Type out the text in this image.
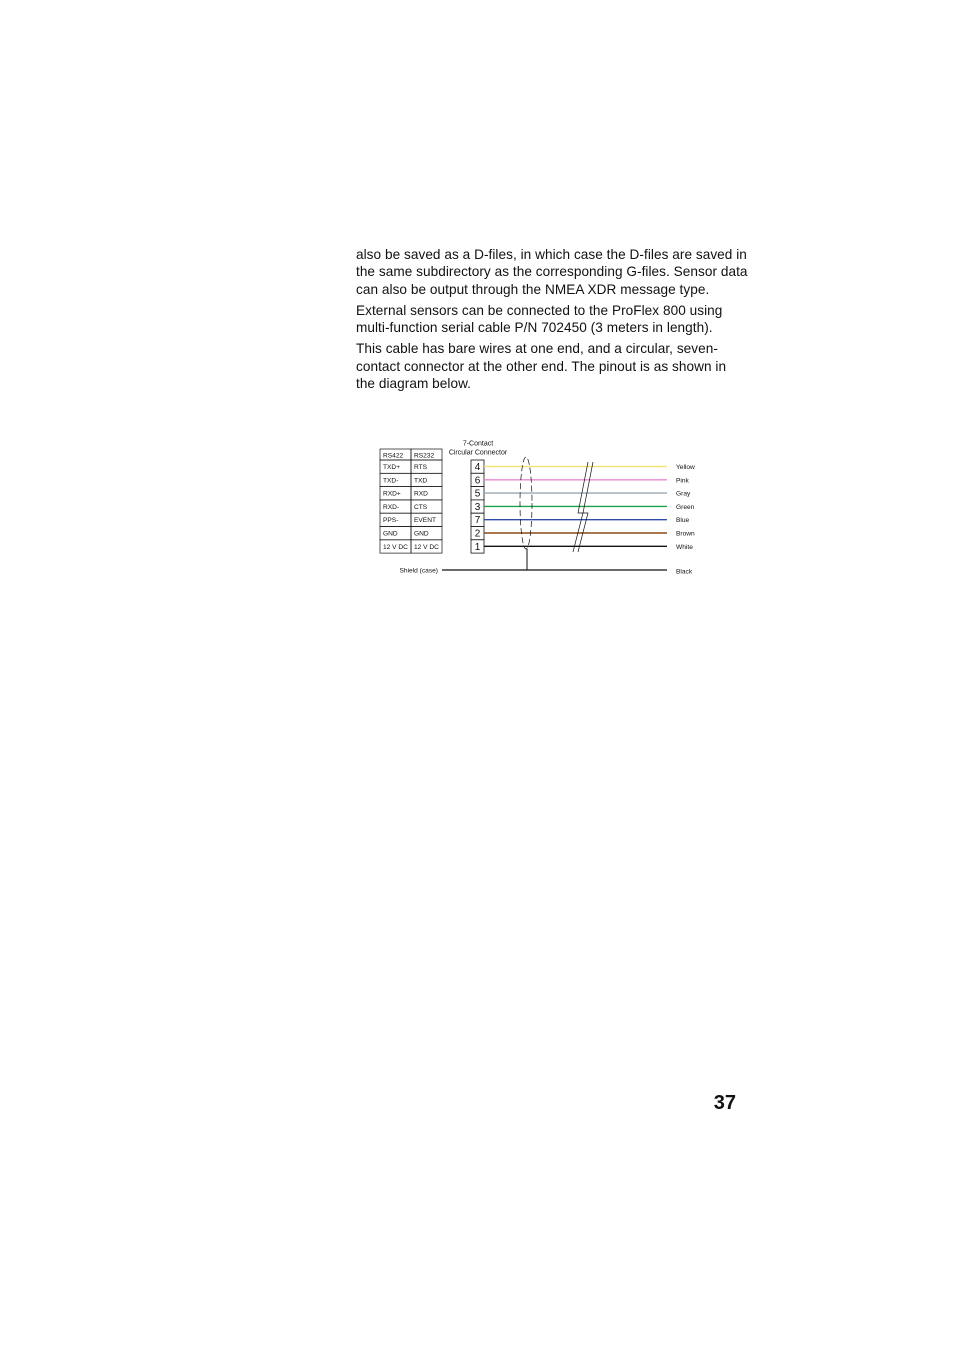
also be saved as a D-files, in which case the D-files are saved in the same subdirectory as the corresponding G-files. Sensor data can also be output through the NMEA XDR message type.

External sensors can be connected to the ProFlex 800 using multi-function serial cable P/N 702450 (3 meters in length).

This cable has bare wires at one end, and a circular, seven-contact connector at the other end. The pinout is as shown in the diagram below.

7-Contact
Circular Connector
RS422 RS232
TXD+ RTS	4	Yellow
TXD- TXD	6	Pink
RXD+ RXD	5	Gray
RXD- CTS	3	Green
PPS- EVENT	7	Blue
GND GND	2	Brown
12 V DC 12 V DC	1	White
Shield (case)	Black
37
